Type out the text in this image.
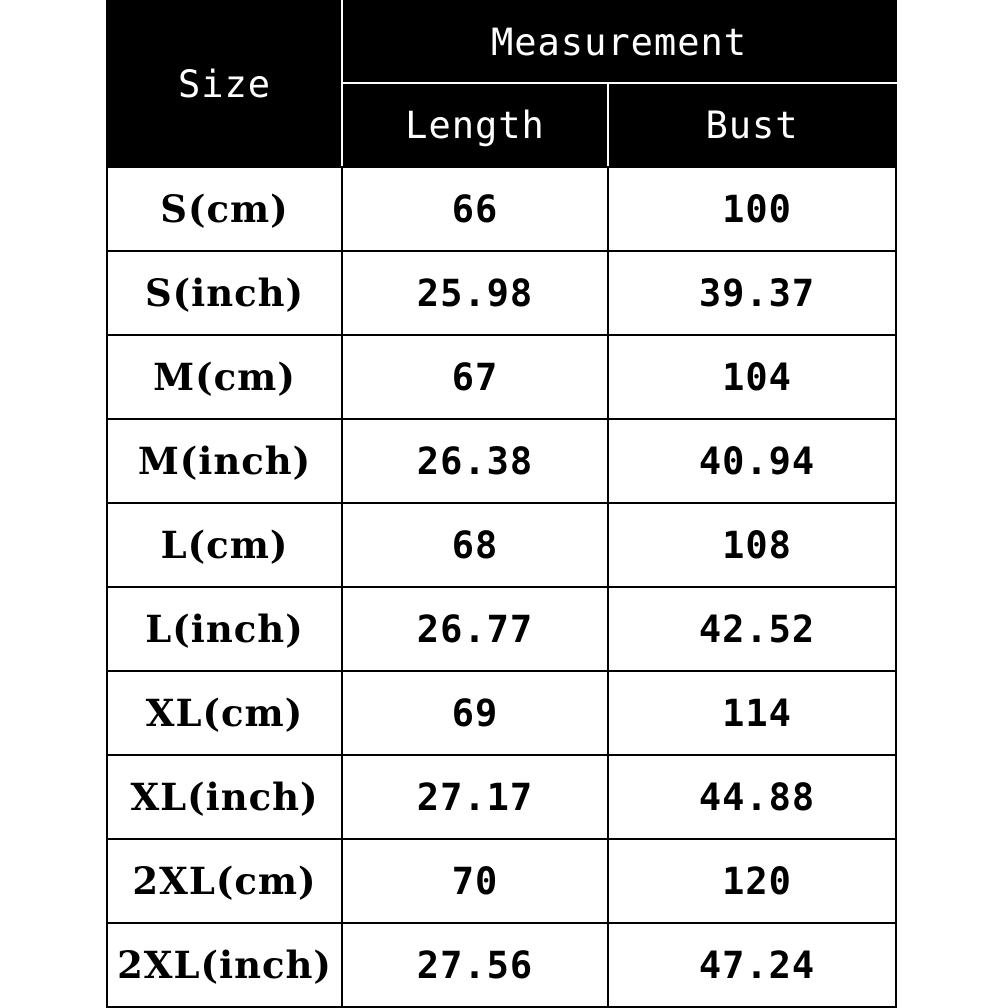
Size	Measurement	
	Length	Bust
S(cm)	66	100
S(inch)	25.98	39.37
M(cm)	67	104
M(inch)	26.38	40.94
L(cm)	68	108
L(inch)	26.77	42.52
XL(cm)	69	114
XL(inch)	27.17	44.88
2XL(cm)	70	120
2XL(inch)	27.56	47.24
